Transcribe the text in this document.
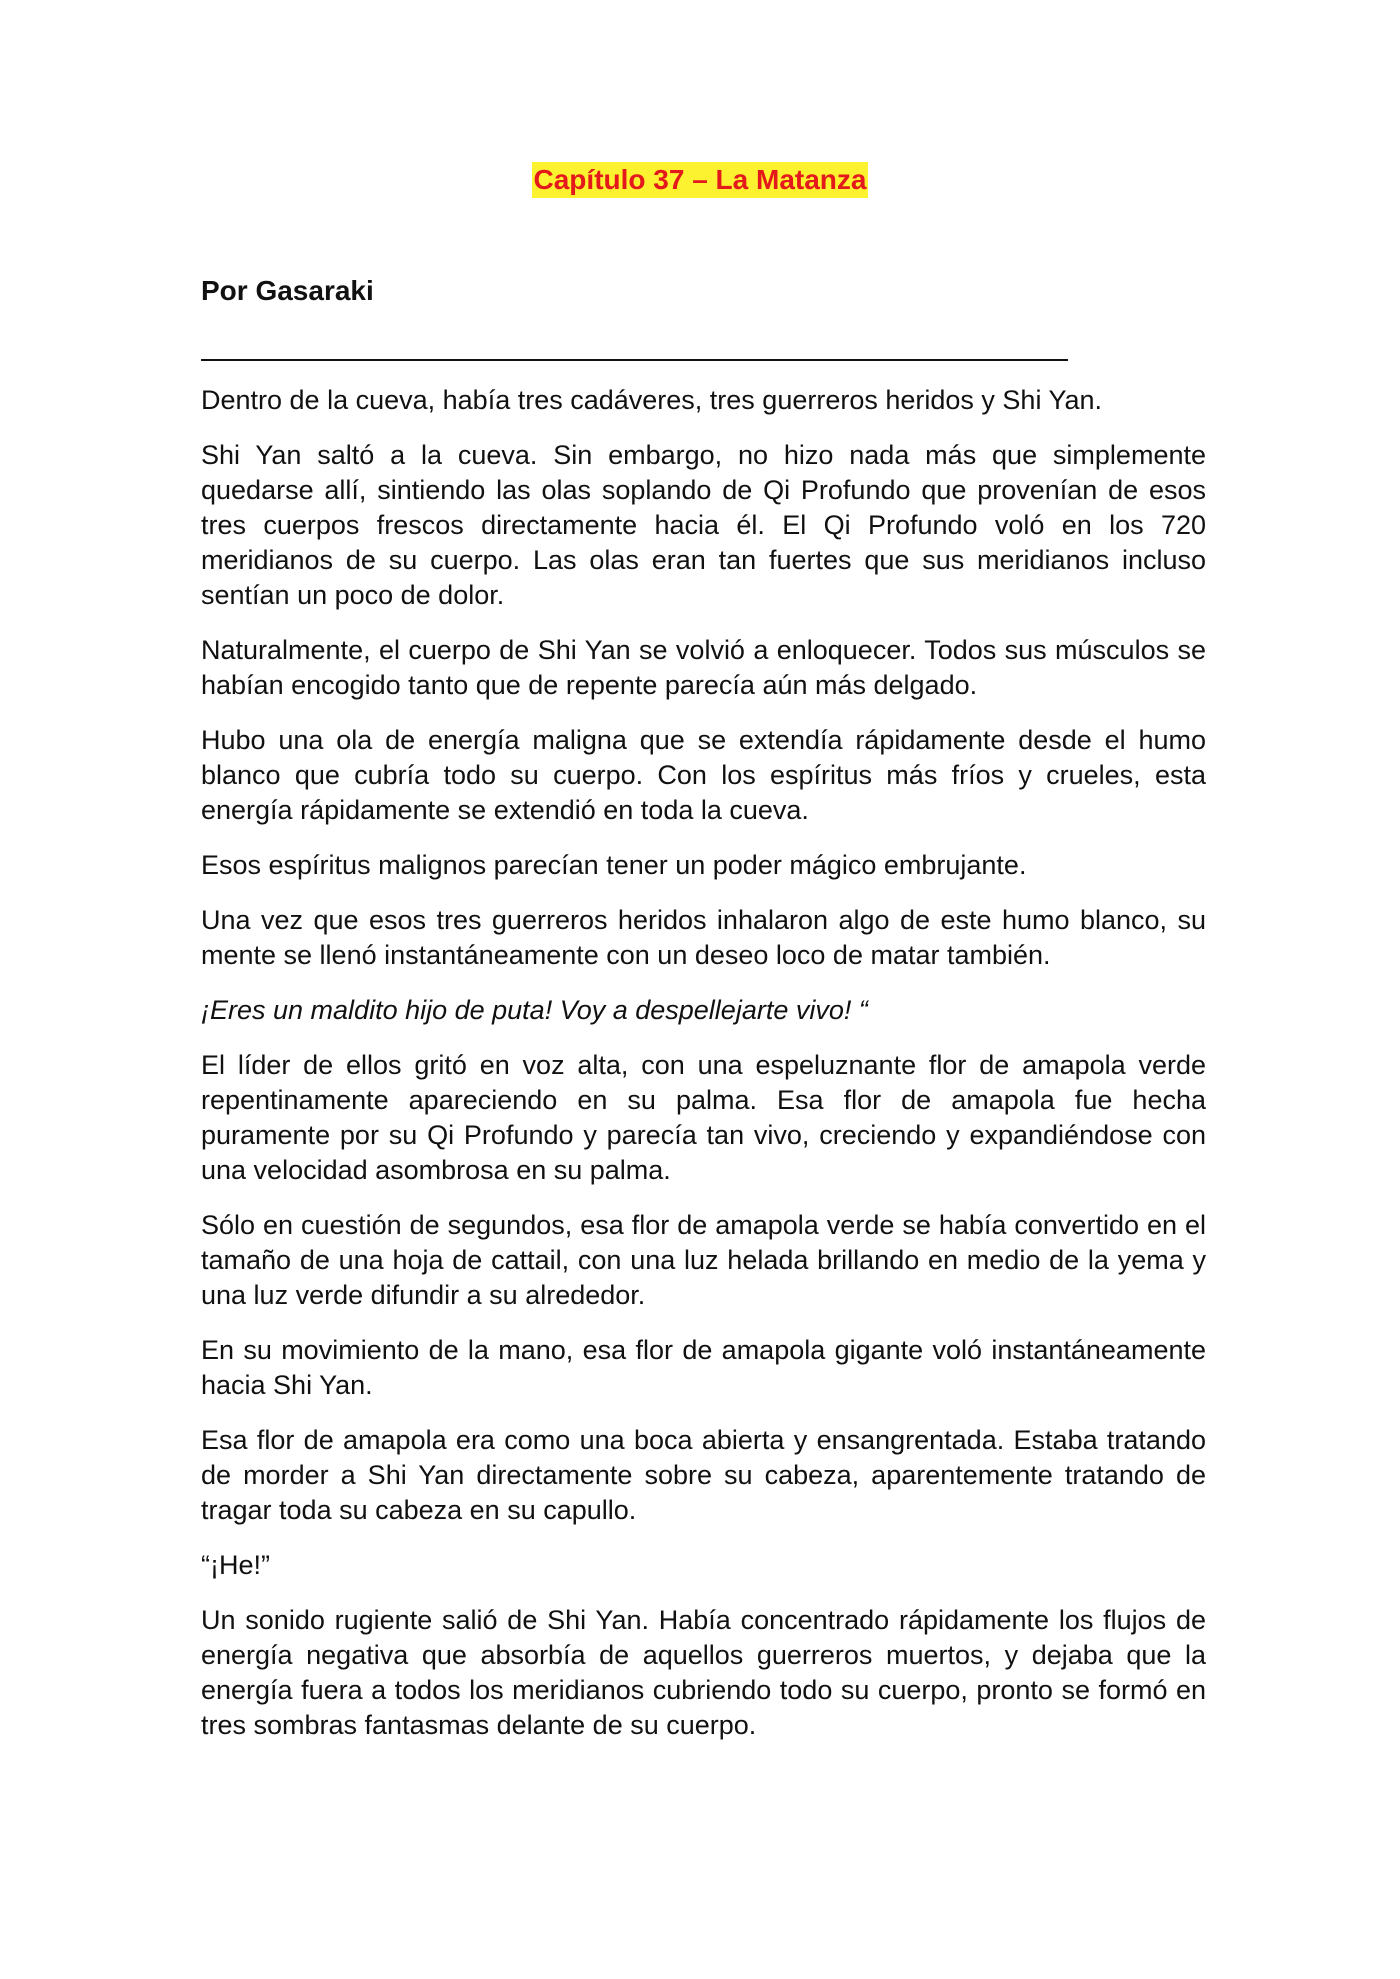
Capítulo 37 – La Matanza
Por Gasaraki

Dentro de la cueva, había tres cadáveres, tres guerreros heridos y Shi Yan.

Shi Yan saltó a la cueva. Sin embargo, no hizo nada más que simplemente quedarse allí, sintiendo las olas soplando de Qi Profundo que provenían de esos tres cuerpos frescos directamente hacia él. El Qi Profundo voló en los 720 meridianos de su cuerpo. Las olas eran tan fuertes que sus meridianos incluso sentían un poco de dolor.

Naturalmente, el cuerpo de Shi Yan se volvió a enloquecer. Todos sus músculos se habían encogido tanto que de repente parecía aún más delgado.

Hubo una ola de energía maligna que se extendía rápidamente desde el humo blanco que cubría todo su cuerpo. Con los espíritus más fríos y crueles, esta energía rápidamente se extendió en toda la cueva.

Esos espíritus malignos parecían tener un poder mágico embrujante.

Una vez que esos tres guerreros heridos inhalaron algo de este humo blanco, su mente se llenó instantáneamente con un deseo loco de matar también.

¡Eres un maldito hijo de puta! Voy a despellejarte vivo! “

El líder de ellos gritó en voz alta, con una espeluznante flor de amapola verde repentinamente apareciendo en su palma. Esa flor de amapola fue hecha puramente por su Qi Profundo y parecía tan vivo, creciendo y expandiéndose con una velocidad asombrosa en su palma.

Sólo en cuestión de segundos, esa flor de amapola verde se había convertido en el tamaño de una hoja de cattail, con una luz helada brillando en medio de la yema y una luz verde difundir a su alrededor.

En su movimiento de la mano, esa flor de amapola gigante voló instantáneamente hacia Shi Yan.

Esa flor de amapola era como una boca abierta y ensangrentada. Estaba tratando de morder a Shi Yan directamente sobre su cabeza, aparentemente tratando de tragar toda su cabeza en su capullo.

“¡He!”

Un sonido rugiente salió de Shi Yan. Había concentrado rápidamente los flujos de energía negativa que absorbía de aquellos guerreros muertos, y dejaba que la energía fuera a todos los meridianos cubriendo todo su cuerpo, pronto se formó en tres sombras fantasmas delante de su cuerpo.
